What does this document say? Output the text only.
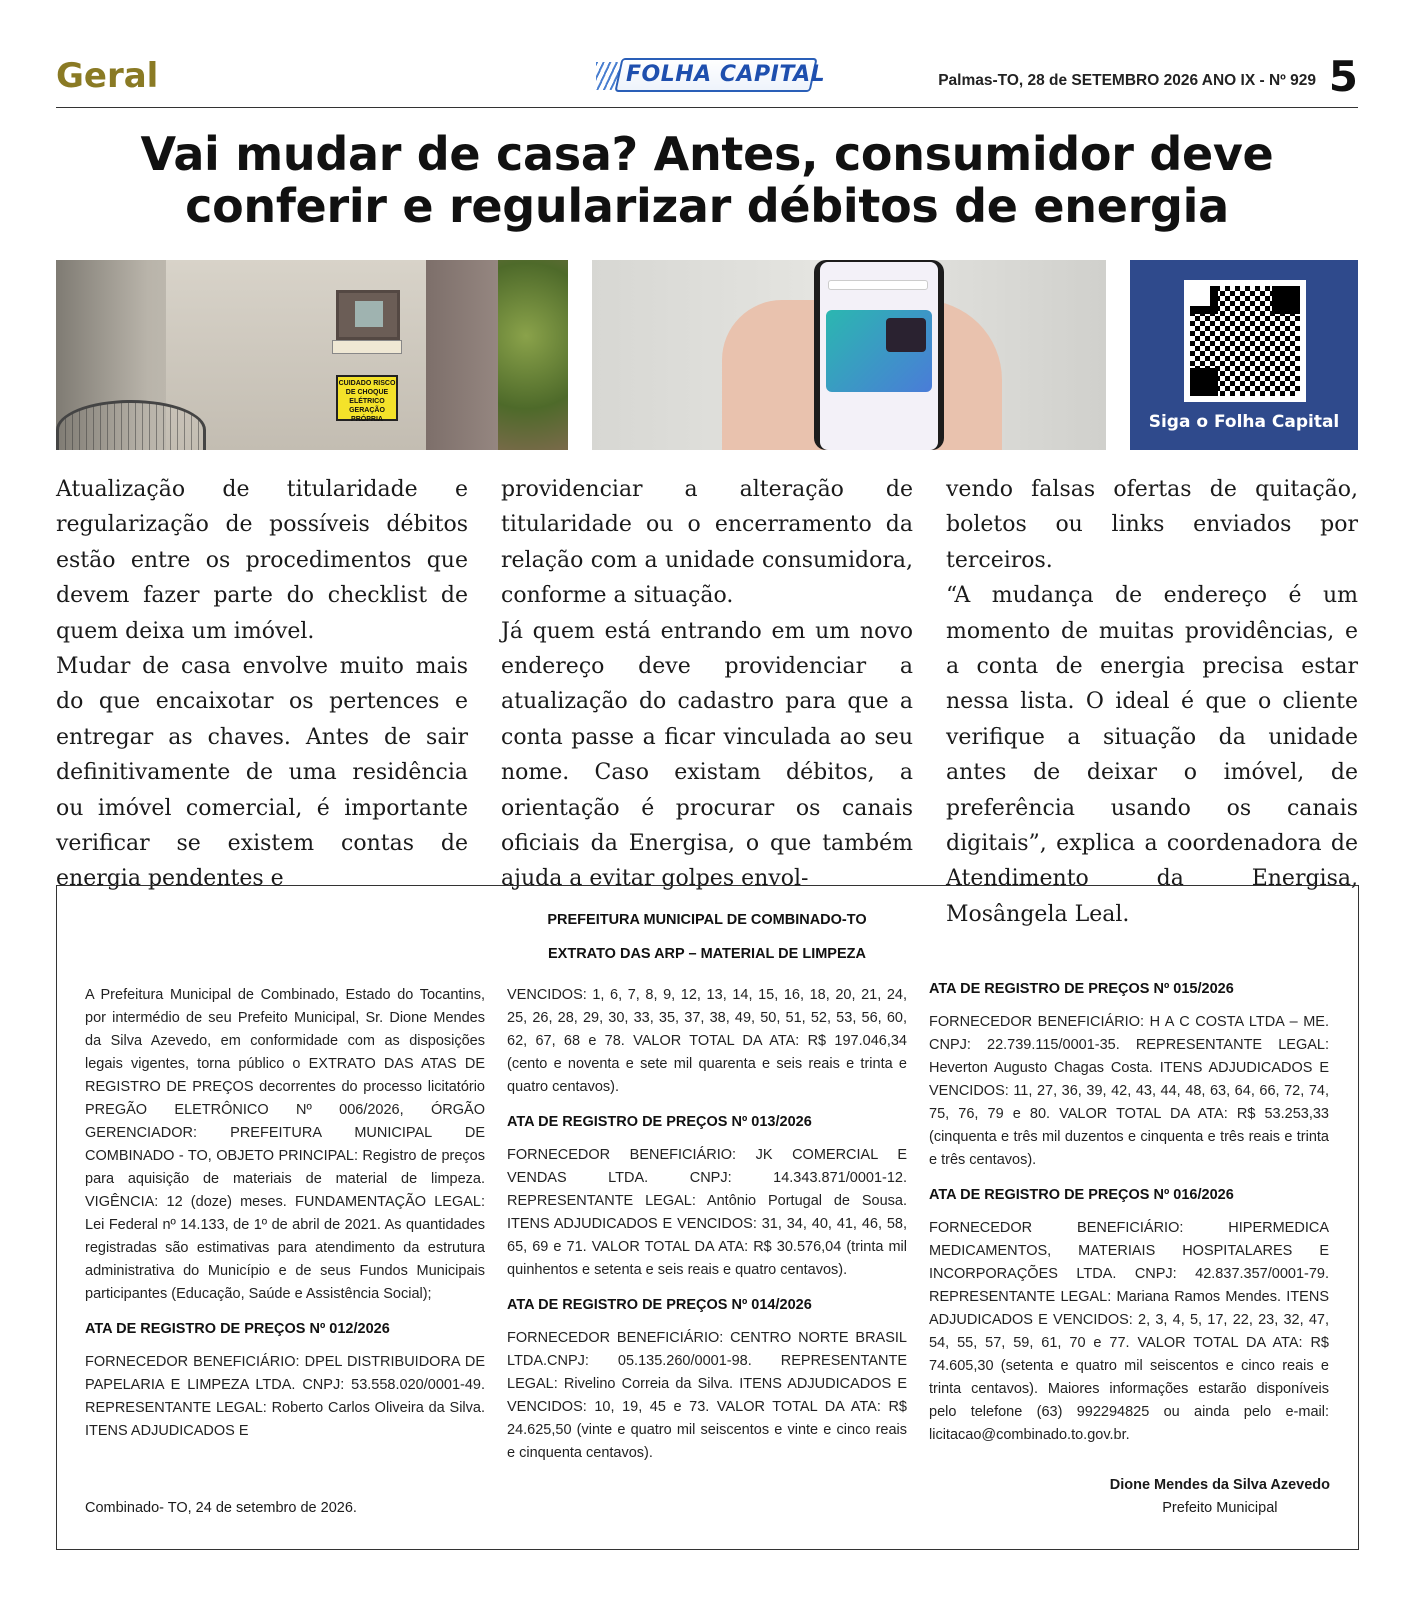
Geral	FOLHA CAPITAL	Palmas-TO, 28 de SETEMBRO 2026 ANO IX - Nº 929 5
Vai mudar de casa? Antes, consumidor deve
conferir e regularizar débitos de energia
CUIDADO RISCO DE CHOQUE ELÉTRICO GERAÇÃO PRÓPRIA	Siga o Folha Capital
Atualização de titularidade e regularização de possíveis débitos estão entre os procedimentos que devem fazer parte do checklist de quem deixa um imóvel.
Mudar de casa envolve muito mais do que encaixotar os pertences e entregar as chaves. Antes de sair definitivamente de uma residência ou imóvel comercial, é importante verificar se existem contas de energia pendentes e
providenciar a alteração de titularidade ou o encerramento da relação com a unidade consumidora, conforme a situação.
Já quem está entrando em um novo endereço deve providenciar a atualização do cadastro para que a conta passe a ficar vinculada ao seu nome. Caso existam débitos, a orientação é procurar os canais oficiais da Energisa, o que também ajuda a evitar golpes envol-
vendo falsas ofertas de quitação, boletos ou links enviados por terceiros.
“A mudança de endereço é um momento de muitas providências, e a conta de energia precisa estar nessa lista. O ideal é que o cliente verifique a situação da unidade antes de deixar o imóvel, de preferência usando os canais digitais”, explica a coordenadora de Atendimento da Energisa, Mosângela Leal.
PREFEITURA MUNICIPAL DE COMBINADO-TO
EXTRATO DAS ARP – MATERIAL DE LIMPEZA

A Prefeitura Municipal de Combinado, Estado do Tocantins, por intermédio de seu Prefeito Municipal, Sr. Dione Mendes da Silva Azevedo, em conformidade com as disposições legais vigentes, torna público o EXTRATO DAS ATAS DE REGISTRO DE PREÇOS decorrentes do processo licitatório PREGÃO ELETRÔNICO Nº 006/2026, ÓRGÃO GERENCIADOR: PREFEITURA MUNICIPAL DE COMBINADO - TO, OBJETO PRINCIPAL: Registro de preços para aquisição de materiais de material de limpeza. VIGÊNCIA: 12 (doze) meses. FUNDAMENTAÇÃO LEGAL: Lei Federal nº 14.133, de 1º de abril de 2021. As quantidades registradas são estimativas para atendimento da estrutura administrativa do Município e de seus Fundos Municipais participantes (Educação, Saúde e Assistência Social);

ATA DE REGISTRO DE PREÇOS Nº 012/2026

FORNECEDOR BENEFICIÁRIO: DPEL DISTRIBUIDORA DE PAPELARIA E LIMPEZA LTDA. CNPJ: 53.558.020/0001-49. REPRESENTANTE LEGAL: Roberto Carlos Oliveira da Silva. ITENS ADJUDICADOS E

VENCIDOS: 1, 6, 7, 8, 9, 12, 13, 14, 15, 16, 18, 20, 21, 24, 25, 26, 28, 29, 30, 33, 35, 37, 38, 49, 50, 51, 52, 53, 56, 60, 62, 67, 68 e 78. VALOR TOTAL DA ATA: R$ 197.046,34 (cento e noventa e sete mil quarenta e seis reais e trinta e quatro centavos).

ATA DE REGISTRO DE PREÇOS Nº 013/2026

FORNECEDOR BENEFICIÁRIO: JK COMERCIAL E VENDAS LTDA. CNPJ: 14.343.871/0001-12. REPRESENTANTE LEGAL: Antônio Portugal de Sousa. ITENS ADJUDICADOS E VENCIDOS: 31, 34, 40, 41, 46, 58, 65, 69 e 71. VALOR TOTAL DA ATA: R$ 30.576,04 (trinta mil quinhentos e setenta e seis reais e quatro centavos).

ATA DE REGISTRO DE PREÇOS Nº 014/2026

FORNECEDOR BENEFICIÁRIO: CENTRO NORTE BRASIL LTDA.CNPJ: 05.135.260/0001-98. REPRESENTANTE LEGAL: Rivelino Correia da Silva. ITENS ADJUDICADOS E VENCIDOS: 10, 19, 45 e 73. VALOR TOTAL DA ATA: R$ 24.625,50 (vinte e quatro mil seiscentos e vinte e cinco reais e cinquenta centavos).

ATA DE REGISTRO DE PREÇOS Nº 015/2026

FORNECEDOR BENEFICIÁRIO: H A C COSTA LTDA – ME. CNPJ: 22.739.115/0001-35. REPRESENTANTE LEGAL: Heverton Augusto Chagas Costa. ITENS ADJUDICADOS E VENCIDOS: 11, 27, 36, 39, 42, 43, 44, 48, 63, 64, 66, 72, 74, 75, 76, 79 e 80. VALOR TOTAL DA ATA: R$ 53.253,33 (cinquenta e três mil duzentos e cinquenta e três reais e trinta e três centavos).

ATA DE REGISTRO DE PREÇOS Nº 016/2026

FORNECEDOR BENEFICIÁRIO: HIPERMEDICA MEDICAMENTOS, MATERIAIS HOSPITALARES E INCORPORAÇÕES LTDA. CNPJ: 42.837.357/0001-79. REPRESENTANTE LEGAL: Mariana Ramos Mendes. ITENS ADJUDICADOS E VENCIDOS: 2, 3, 4, 5, 17, 22, 23, 32, 47, 54, 55, 57, 59, 61, 70 e 77. VALOR TOTAL DA ATA: R$ 74.605,30 (setenta e quatro mil seiscentos e cinco reais e trinta centavos). Maiores informações estarão disponíveis pelo telefone (63) 992294825 ou ainda pelo e-mail: licitacao@combinado.to.gov.br.

Dione Mendes da Silva Azevedo
Prefeito Municipal
Combinado- TO, 24 de setembro de 2026.
